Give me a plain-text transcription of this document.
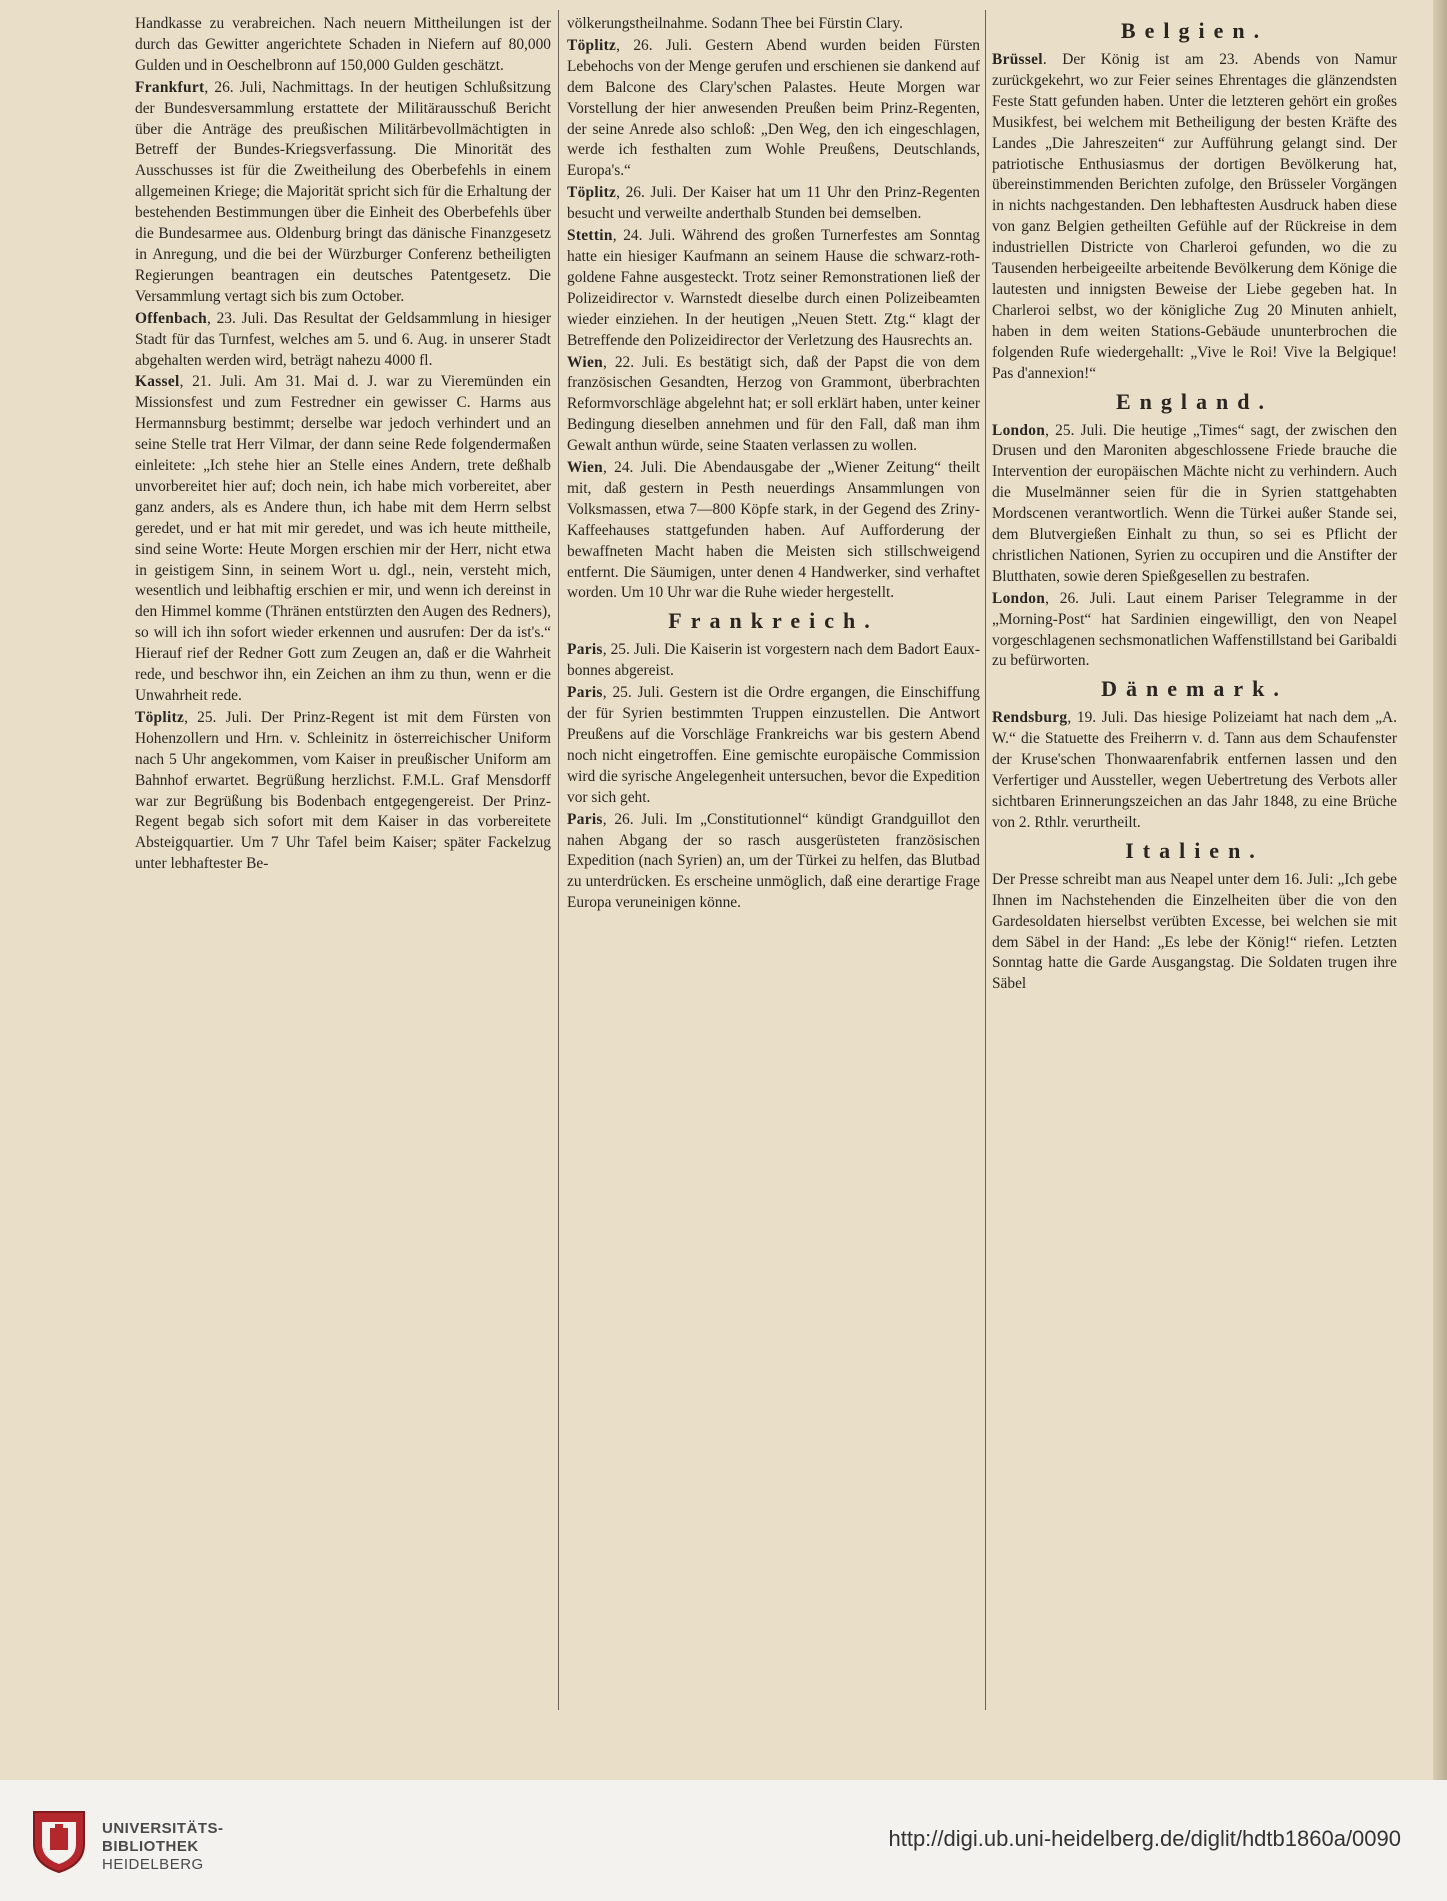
Handkasse zu verabreichen. Nach neuern Mittheilungen ist der durch das Gewitter angerichtete Schaden in Niefern auf 80,000 Gulden und in Oeschelbronn auf 150,000 Gulden geschätzt.

Frankfurt, 26. Juli, Nachmittags. In der heutigen Schlußsitzung der Bundesversammlung erstattete der Militärausschuß Bericht über die Anträge des preußischen Militärbevollmächtigten in Betreff der Bundes-Kriegsverfassung. Die Minorität des Ausschusses ist für die Zweitheilung des Oberbefehls in einem allgemeinen Kriege; die Majorität spricht sich für die Erhaltung der bestehenden Bestimmungen über die Einheit des Oberbefehls über die Bundesarmee aus. Oldenburg bringt das dänische Finanzgesetz in Anregung, und die bei der Würzburger Conferenz betheiligten Regierungen beantragen ein deutsches Patentgesetz. Die Versammlung vertagt sich bis zum October.

Offenbach, 23. Juli. Das Resultat der Geldsammlung in hiesiger Stadt für das Turnfest, welches am 5. und 6. Aug. in unserer Stadt abgehalten werden wird, beträgt nahezu 4000 fl.

Kassel, 21. Juli. Am 31. Mai d. J. war zu Vieremünden ein Missionsfest und zum Festredner ein gewisser C. Harms aus Hermannsburg bestimmt; derselbe war jedoch verhindert und an seine Stelle trat Herr Vilmar, der dann seine Rede folgendermaßen einleitete: „Ich stehe hier an Stelle eines Andern, trete deßhalb unvorbereitet hier auf; doch nein, ich habe mich vorbereitet, aber ganz anders, als es Andere thun, ich habe mit dem Herrn selbst geredet, und er hat mit mir geredet, und was ich heute mittheile, sind seine Worte: Heute Morgen erschien mir der Herr, nicht etwa in geistigem Sinn, in seinem Wort u. dgl., nein, versteht mich, wesentlich und leibhaftig erschien er mir, und wenn ich dereinst in den Himmel komme (Thränen entstürzten den Augen des Redners), so will ich ihn sofort wieder erkennen und ausrufen: Der da ist's.“ Hierauf rief der Redner Gott zum Zeugen an, daß er die Wahrheit rede, und beschwor ihn, ein Zeichen an ihm zu thun, wenn er die Unwahrheit rede.

Töplitz, 25. Juli. Der Prinz-Regent ist mit dem Fürsten von Hohenzollern und Hrn. v. Schleinitz in österreichischer Uniform nach 5 Uhr angekommen, vom Kaiser in preußischer Uniform am Bahnhof erwartet. Begrüßung herzlichst. F.M.L. Graf Mensdorff war zur Begrüßung bis Bodenbach entgegengereist. Der Prinz-Regent begab sich sofort mit dem Kaiser in das vorbereitete Absteigquartier. Um 7 Uhr Tafel beim Kaiser; später Fackelzug unter lebhaftester Be-

völkerungstheilnahme. Sodann Thee bei Fürstin Clary.

Töplitz, 26. Juli. Gestern Abend wurden beiden Fürsten Lebehochs von der Menge gerufen und erschienen sie dankend auf dem Balcone des Clary'schen Palastes. Heute Morgen war Vorstellung der hier anwesenden Preußen beim Prinz-Regenten, der seine Anrede also schloß: „Den Weg, den ich eingeschlagen, werde ich festhalten zum Wohle Preußens, Deutschlands, Europa's.“

Töplitz, 26. Juli. Der Kaiser hat um 11 Uhr den Prinz-Regenten besucht und verweilte anderthalb Stunden bei demselben.

Stettin, 24. Juli. Während des großen Turnerfestes am Sonntag hatte ein hiesiger Kaufmann an seinem Hause die schwarz-roth-goldene Fahne ausgesteckt. Trotz seiner Remonstrationen ließ der Polizeidirector v. Warnstedt dieselbe durch einen Polizeibeamten wieder einziehen. In der heutigen „Neuen Stett. Ztg.“ klagt der Betreffende den Polizeidirector der Verletzung des Hausrechts an.

Wien, 22. Juli. Es bestätigt sich, daß der Papst die von dem französischen Gesandten, Herzog von Grammont, überbrachten Reformvorschläge abgelehnt hat; er soll erklärt haben, unter keiner Bedingung dieselben annehmen und für den Fall, daß man ihm Gewalt anthun würde, seine Staaten verlassen zu wollen.

Wien, 24. Juli. Die Abendausgabe der „Wiener Zeitung“ theilt mit, daß gestern in Pesth neuerdings Ansammlungen von Volksmassen, etwa 7—800 Köpfe stark, in der Gegend des Zriny-Kaffeehauses stattgefunden haben. Auf Aufforderung der bewaffneten Macht haben die Meisten sich stillschweigend entfernt. Die Säumigen, unter denen 4 Handwerker, sind verhaftet worden. Um 10 Uhr war die Ruhe wieder hergestellt.

Frankreich.

Paris, 25. Juli. Die Kaiserin ist vorgestern nach dem Badort Eaux-bonnes abgereist.

Paris, 25. Juli. Gestern ist die Ordre ergangen, die Einschiffung der für Syrien bestimmten Truppen einzustellen. Die Antwort Preußens auf die Vorschläge Frankreichs war bis gestern Abend noch nicht eingetroffen. Eine gemischte europäische Commission wird die syrische Angelegenheit untersuchen, bevor die Expedition vor sich geht.

Paris, 26. Juli. Im „Constitutionnel“ kündigt Grandguillot den nahen Abgang der so rasch ausgerüsteten französischen Expedition (nach Syrien) an, um der Türkei zu helfen, das Blutbad zu unterdrücken. Es erscheine unmöglich, daß eine derartige Frage Europa veruneinigen könne.

Belgien.

Brüssel. Der König ist am 23. Abends von Namur zurückgekehrt, wo zur Feier seines Ehrentages die glänzendsten Feste Statt gefunden haben. Unter die letzteren gehört ein großes Musikfest, bei welchem mit Betheiligung der besten Kräfte des Landes „Die Jahreszeiten“ zur Aufführung gelangt sind. Der patriotische Enthusiasmus der dortigen Bevölkerung hat, übereinstimmenden Berichten zufolge, den Brüsseler Vorgängen in nichts nachgestanden. Den lebhaftesten Ausdruck haben diese von ganz Belgien getheilten Gefühle auf der Rückreise in dem industriellen Districte von Charleroi gefunden, wo die zu Tausenden herbeigeeilte arbeitende Bevölkerung dem Könige die lautesten und innigsten Beweise der Liebe gegeben hat. In Charleroi selbst, wo der königliche Zug 20 Minuten anhielt, haben in dem weiten Stations-Gebäude ununterbrochen die folgenden Rufe wiedergehallt: „Vive le Roi! Vive la Belgique! Pas d'annexion!“

England.

London, 25. Juli. Die heutige „Times“ sagt, der zwischen den Drusen und den Maroniten abgeschlossene Friede brauche die Intervention der europäischen Mächte nicht zu verhindern. Auch die Muselmänner seien für die in Syrien stattgehabten Mordscenen verantwortlich. Wenn die Türkei außer Stande sei, dem Blutvergießen Einhalt zu thun, so sei es Pflicht der christlichen Nationen, Syrien zu occupiren und die Anstifter der Blutthaten, sowie deren Spießgesellen zu bestrafen.

London, 26. Juli. Laut einem Pariser Telegramme in der „Morning-Post“ hat Sardinien eingewilligt, den von Neapel vorgeschlagenen sechsmonatlichen Waffenstillstand bei Garibaldi zu befürworten.

Dänemark.

Rendsburg, 19. Juli. Das hiesige Polizeiamt hat nach dem „A. W.“ die Statuette des Freiherrn v. d. Tann aus dem Schaufenster der Kruse'schen Thonwaarenfabrik entfernen lassen und den Verfertiger und Aussteller, wegen Uebertretung des Verbots aller sichtbaren Erinnerungszeichen an das Jahr 1848, zu eine Brüche von 2. Rthlr. verurtheilt.

Italien.

Der Presse schreibt man aus Neapel unter dem 16. Juli: „Ich gebe Ihnen im Nachstehenden die Einzelheiten über die von den Gardesoldaten hierselbst verübten Excesse, bei welchen sie mit dem Säbel in der Hand: „Es lebe der König!“ riefen. Letzten Sonntag hatte die Garde Ausgangstag. Die Soldaten trugen ihre Säbel

UNIVERSITÄTS-
BIBLIOTHEK
HEIDELBERG
http://digi.ub.uni-heidelberg.de/diglit/hdtb1860a/0090
